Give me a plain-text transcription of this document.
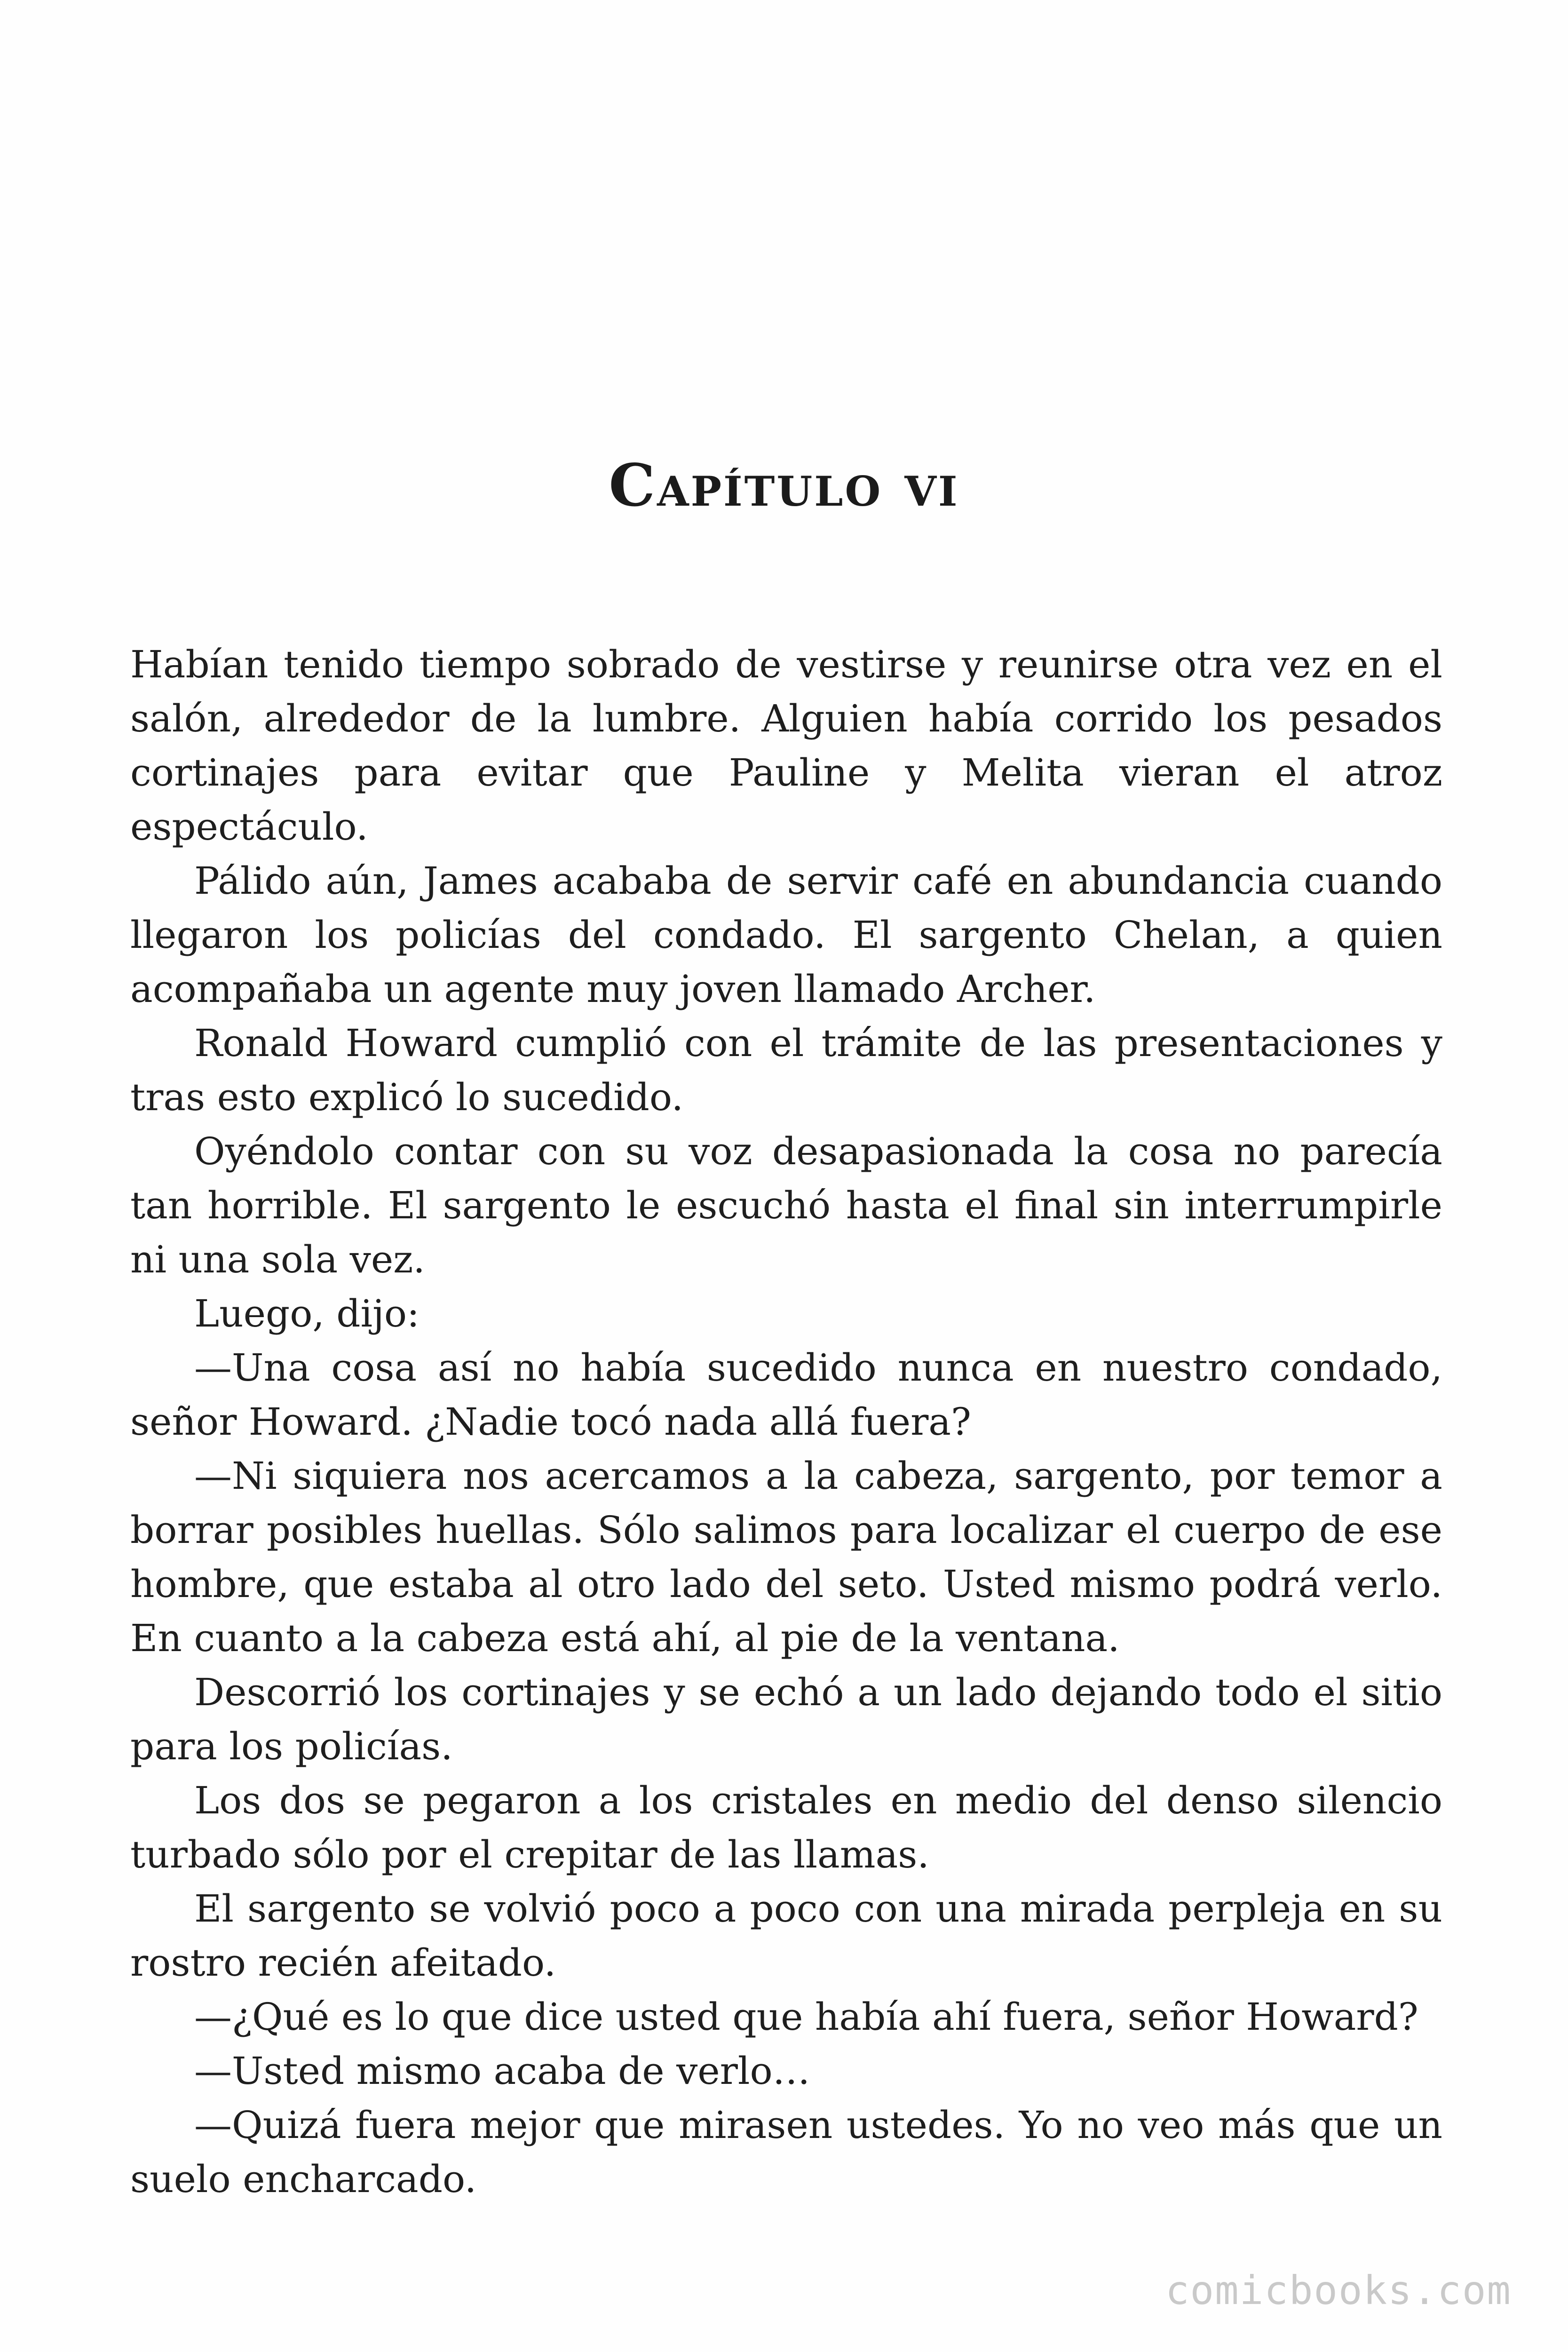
Capítulo vi

Habían tenido tiempo sobrado de vestirse y reunirse otra vez en el salón, alrededor de la lumbre. Alguien había corrido los pesados cortinajes para evitar que Pauline y Melita vieran el atroz espectáculo.

Pálido aún, James acababa de servir café en abundancia cuando llegaron los policías del condado. El sargento Chelan, a quien acompañaba un agente muy joven llamado Archer.

Ronald Howard cumplió con el trámite de las presentaciones y tras esto explicó lo sucedido.

Oyéndolo contar con su voz desapasionada la cosa no parecía tan horrible. El sargento le escuchó hasta el final sin interrumpirle ni una sola vez.

Luego, dijo:

—Una cosa así no había sucedido nunca en nuestro condado, señor Howard. ¿Nadie tocó nada allá fuera?

—Ni siquiera nos acercamos a la cabeza, sargento, por temor a borrar posibles huellas. Sólo salimos para localizar el cuerpo de ese hombre, que estaba al otro lado del seto. Usted mismo podrá verlo. En cuanto a la cabeza está ahí, al pie de la ventana.

Descorrió los cortinajes y se echó a un lado dejando todo el sitio para los policías.

Los dos se pegaron a los cristales en medio del denso silencio turbado sólo por el crepitar de las llamas.

El sargento se volvió poco a poco con una mirada perpleja en su rostro recién afeitado.

—¿Qué es lo que dice usted que había ahí fuera, señor Howard?

—Usted mismo acaba de verlo…

—Quizá fuera mejor que mirasen ustedes. Yo no veo más que un suelo encharcado.

comicbooks.com
